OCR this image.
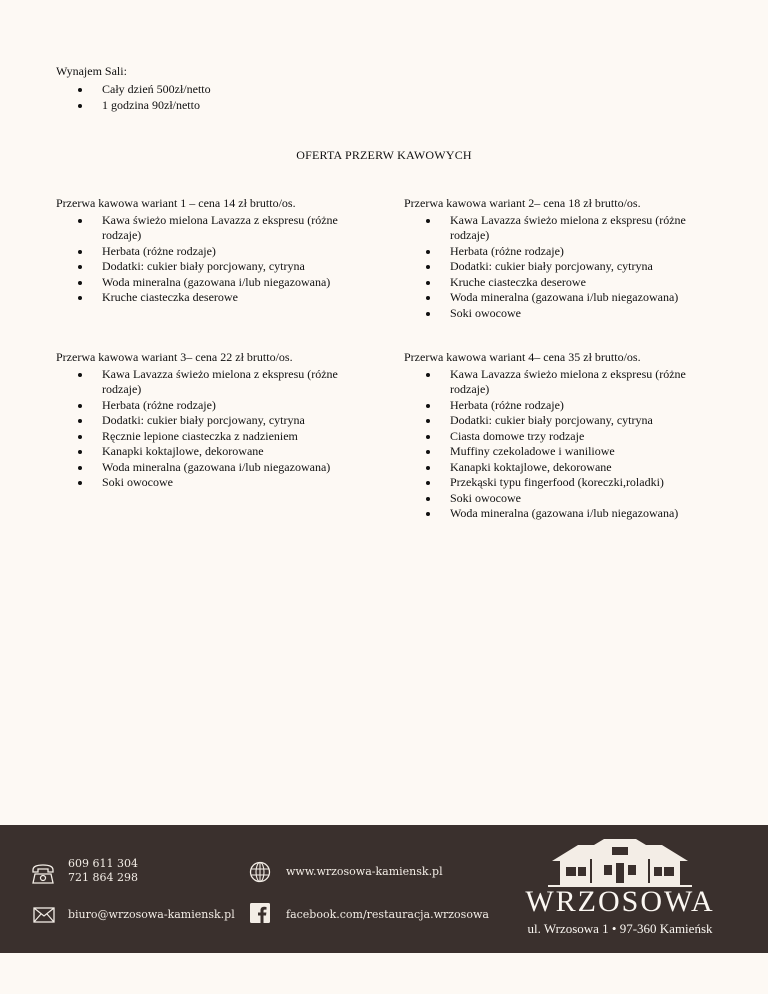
Wynajem Sali:
Cały dzień 500zł/netto
1 godzina 90zł/netto
OFERTA PRZERW KAWOWYCH
Przerwa kawowa wariant 1 – cena 14 zł brutto/os.
Kawa świeżo mielona Lavazza z ekspresu (różne rodzaje)
Herbata (różne rodzaje)
Dodatki: cukier biały porcjowany, cytryna
Woda mineralna (gazowana i/lub niegazowana)
Kruche ciasteczka deserowe
Przerwa kawowa wariant 2– cena 18 zł brutto/os.
Kawa Lavazza świeżo mielona z ekspresu (różne rodzaje)
Herbata (różne rodzaje)
Dodatki: cukier biały porcjowany, cytryna
Kruche ciasteczka deserowe
Woda mineralna (gazowana i/lub niegazowana)
Soki owocowe
Przerwa kawowa wariant 3– cena 22 zł brutto/os.
Kawa Lavazza świeżo mielona z ekspresu (różne rodzaje)
Herbata (różne rodzaje)
Dodatki: cukier biały porcjowany, cytryna
Ręcznie lepione ciasteczka z nadzieniem
Kanapki koktajlowe, dekorowane
Woda mineralna (gazowana i/lub niegazowana)
Soki owocowe
Przerwa kawowa wariant 4– cena 35 zł brutto/os.
Kawa Lavazza świeżo mielona z ekspresu (różne rodzaje)
Herbata (różne rodzaje)
Dodatki: cukier biały porcjowany, cytryna
Ciasta domowe trzy rodzaje
Muffiny czekoladowe i waniliowe
Kanapki koktajlowe, dekorowane
Przekąski typu fingerfood (koreczki,roladki)
Soki owocowe
Woda mineralna (gazowana i/lub niegazowana)
609 611 304
721 864 298
biuro@wrzosowa-kamiensk.pl
www.wrzosowa-kamiensk.pl
facebook.com/restauracja.wrzosowa	WRZOSOWA
ul. Wrzosowa 1 • 97-360 Kamieńsk
